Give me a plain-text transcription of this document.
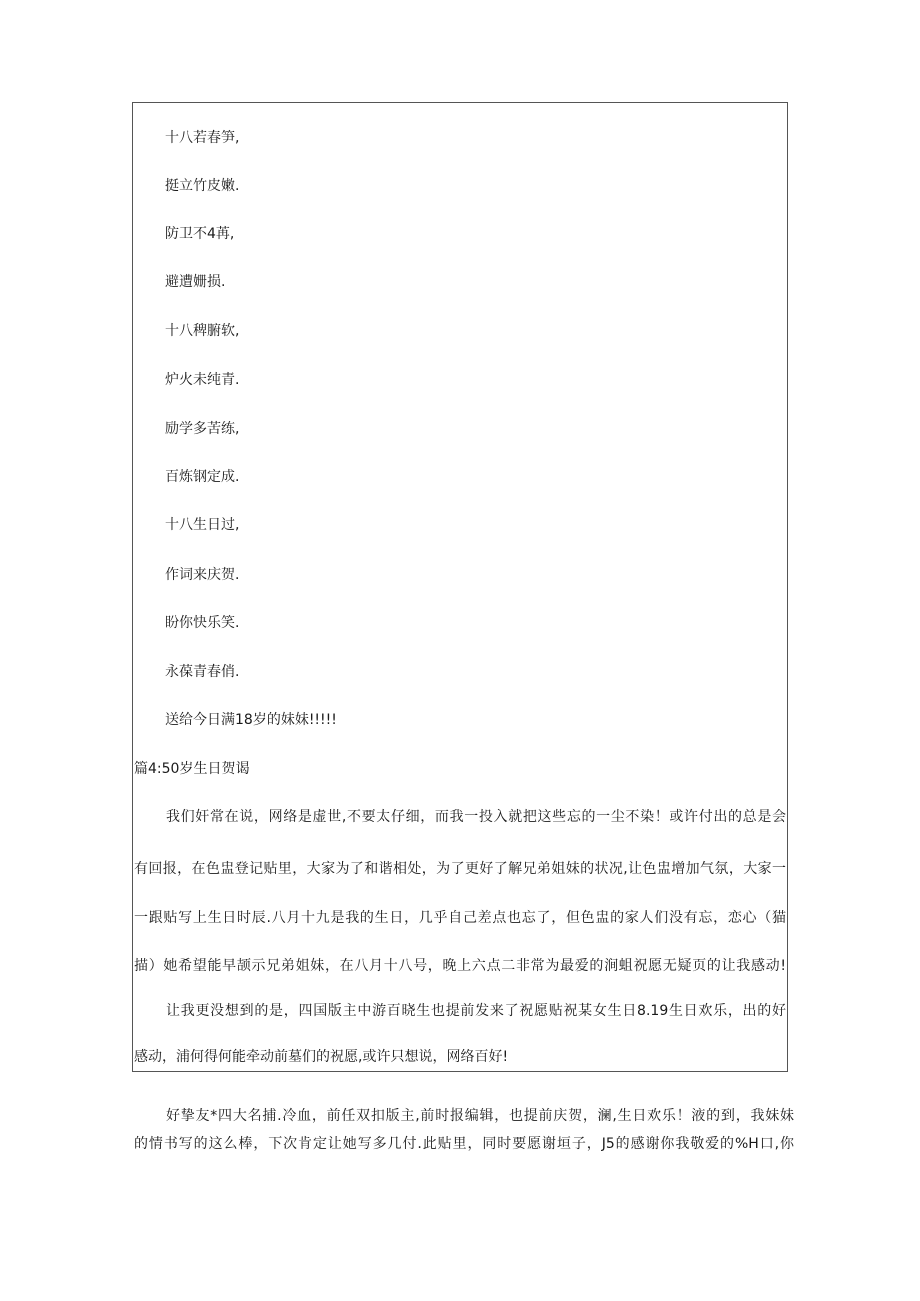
十八若春笋,
挺立竹皮嫩.
防卫不4苒,
避遭姗损.
十八稗腑软,
炉火未纯青.
励学多苦练,
百炼钢定成.
十八生日过,
作词来庆贺.
盼你快乐笑.
永葆青春俏.
送给今日满18岁的妹妹!!!!!
篇4:50岁生日贺谒
我们奸常在说，网络是虚世,不要太仔细，而我一投入就把这些忘的一尘不染！或许付出的总是会
有回报，在色盅登记贴里，大家为了和谐相处，为了更好了解兄弟姐妹的状况,让色盅增加气氛，大家一
一跟贴写上生日时辰.八月十九是我的生日，几乎自己差点也忘了，但色盅的家人们没有忘，恋心（猫
描）她希望能早颉示兄弟姐妹，在八月十八号，晚上六点二非常为最爱的涧蛆祝愿无疑页的让我感动!
让我更没想到的是，四国版主中游百晓生也提前发来了祝愿贴祝某女生日8.19生日欢乐，出的好
感动，浦何得何能牵动前墓们的祝愿,或许只想说，网络百好!
好挚友*四大名捕.冷血，前任双扣版主,前时报编辑，也提前庆贺，澜,生日欢乐！液的到，我妹妹
的情书写的这么棒，下次肯定让她写多几付.此贴里，同时要愿谢垣子，J5的感谢你我敬爱的%H口,你
